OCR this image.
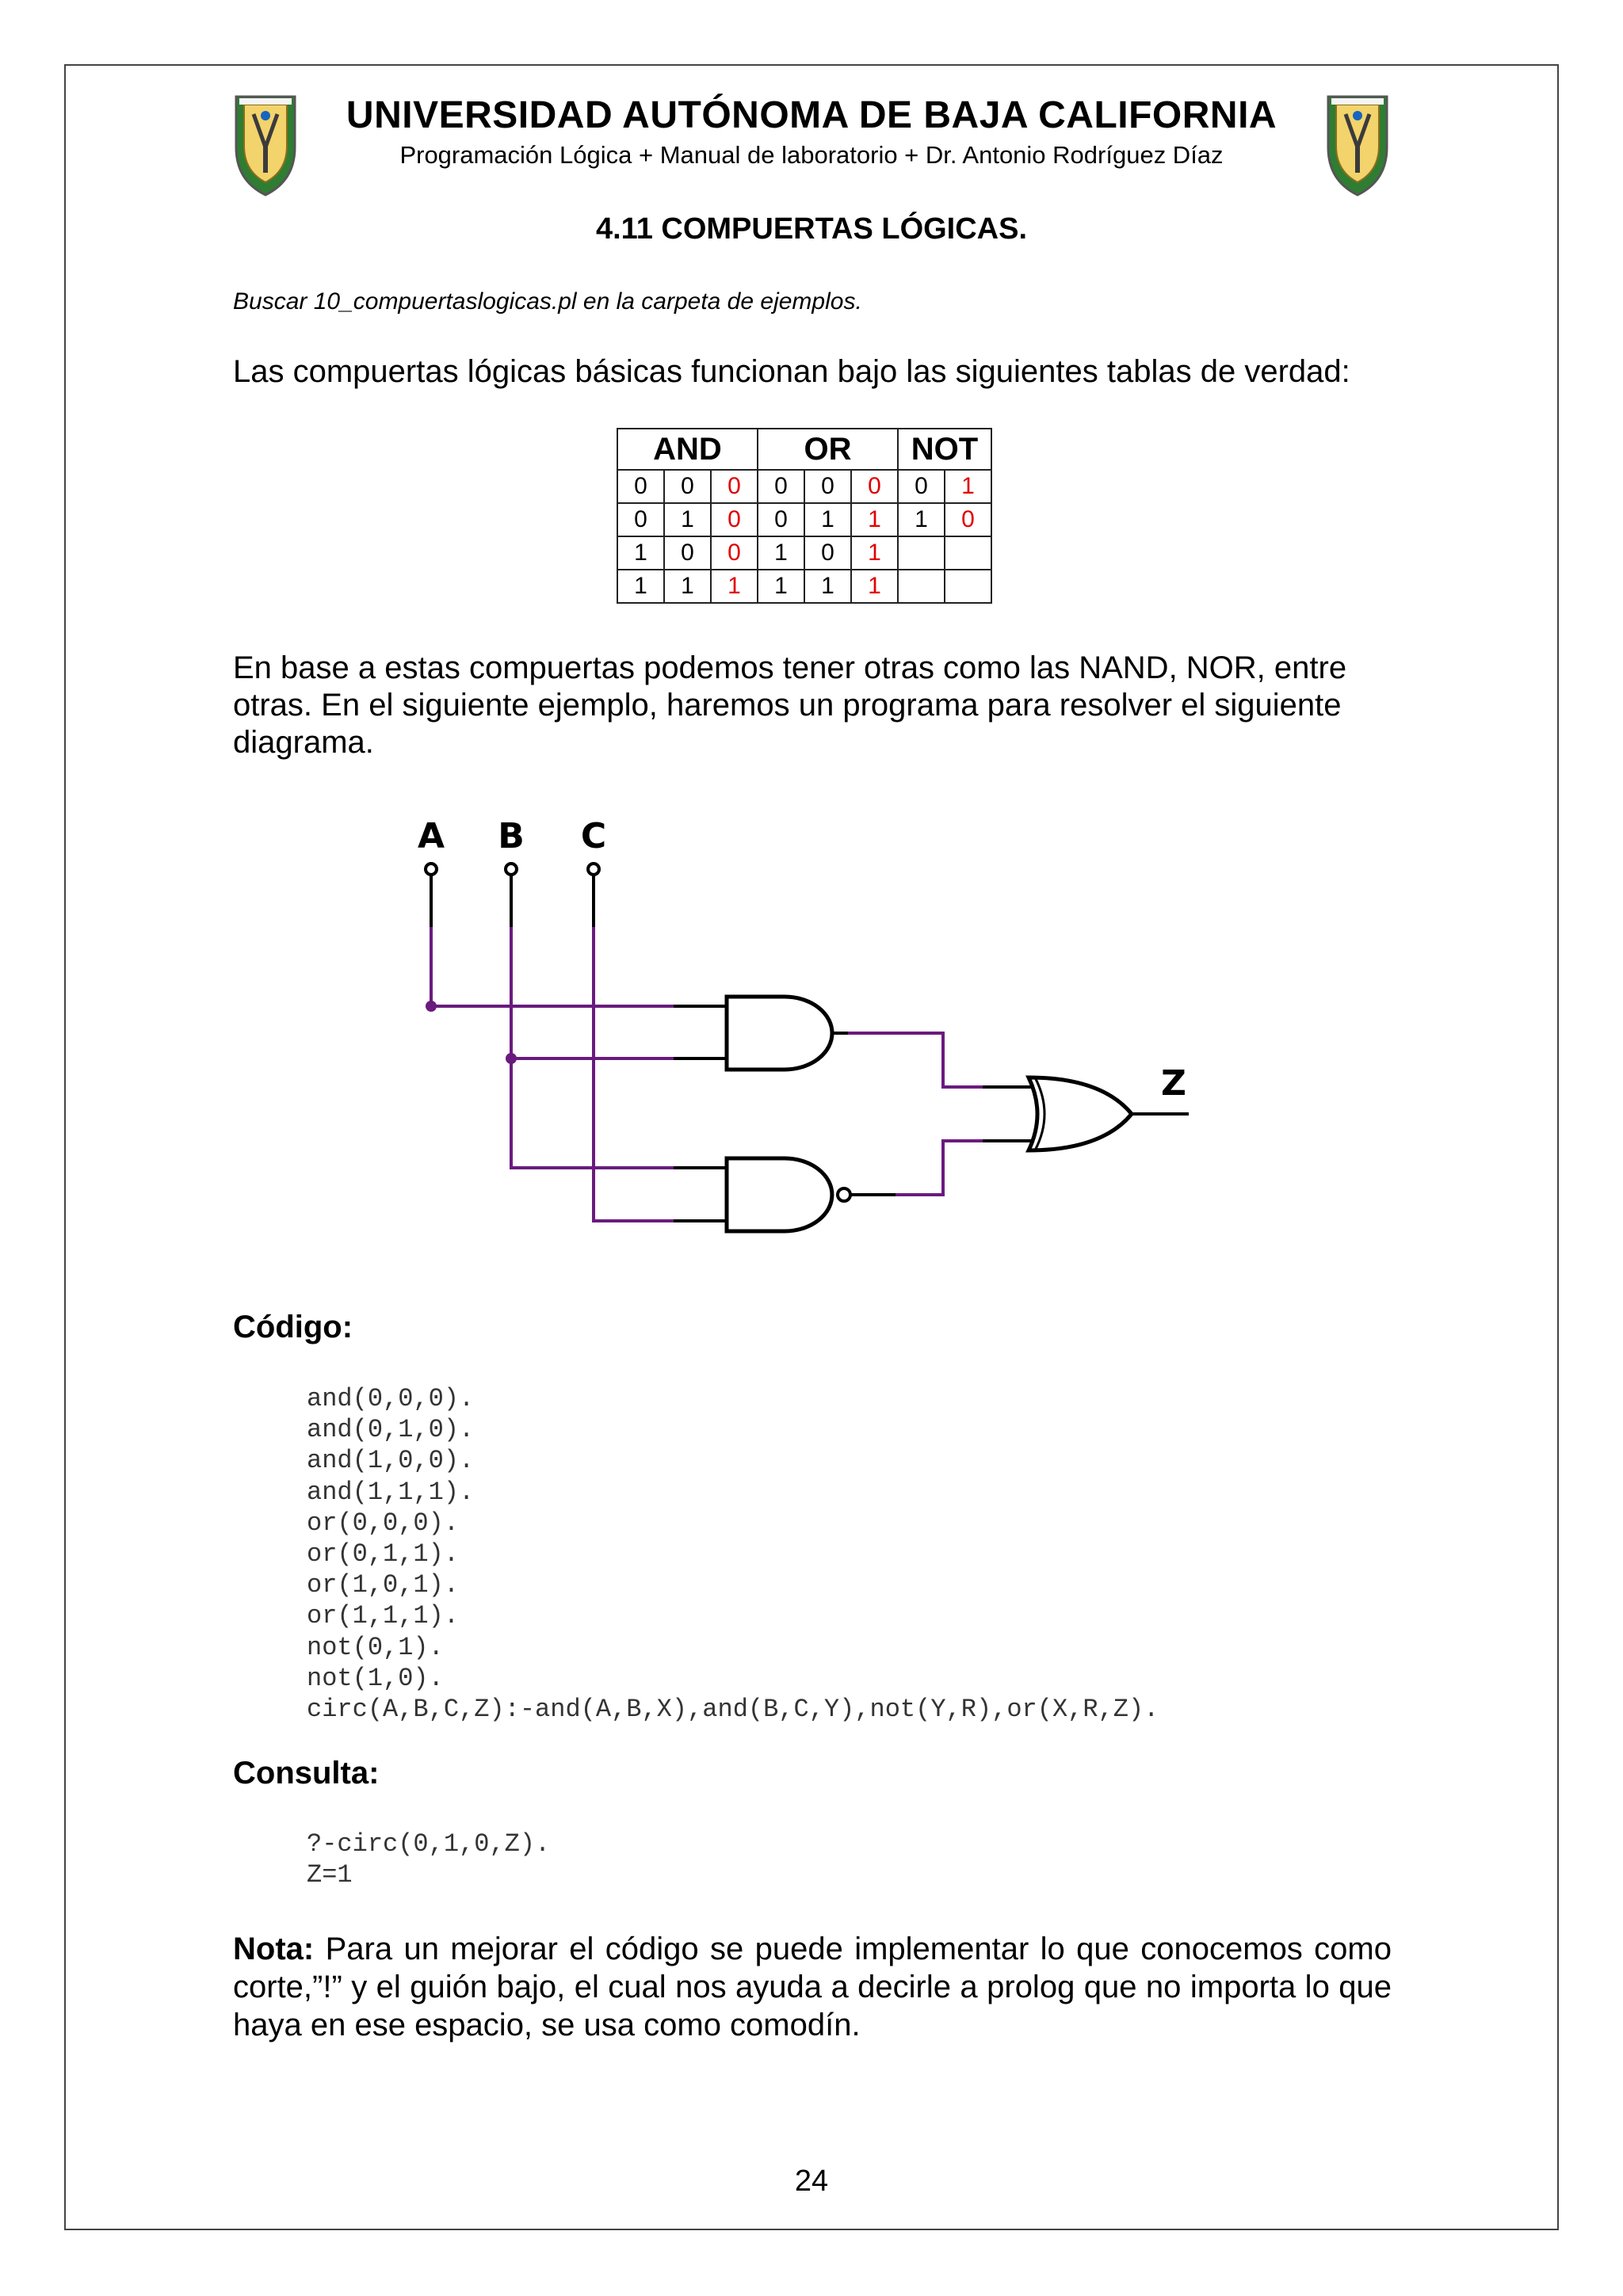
UNIVERSIDAD AUTÓNOMA DE BAJA CALIFORNIA
Programación Lógica + Manual de laboratorio + Dr. Antonio Rodríguez Díaz
4.11 COMPUERTAS LÓGICAS.
Buscar 10_compuertaslogicas.pl en la carpeta de ejemplos.
Las compuertas lógicas básicas funcionan bajo las siguientes tablas de verdad:
AND			OR			NOT	
0	0	0	0	0	0	0	1
0	1	0	0	1	1	1	0
1	0	0	1	0	1		
1	1	1	1	1	1		
En base a estas compuertas podemos tener otras como las NAND, NOR, entre otras. En el siguiente ejemplo, haremos un programa para resolver el siguiente diagrama.
A B C
Z
Código:
and(0,0,0).
and(0,1,0).
and(1,0,0).
and(1,1,1).
or(0,0,0).
or(0,1,1).
or(1,0,1).
or(1,1,1).
not(0,1).
not(1,0).
circ(A,B,C,Z):-and(A,B,X),and(B,C,Y),not(Y,R),or(X,R,Z).
Consulta:
?-circ(0,1,0,Z).
Z=1
Nota: Para un mejorar el código se puede implementar lo que conocemos como corte,”!” y el guión bajo, el cual nos ayuda a decirle a prolog que no importa lo que haya en ese espacio, se usa como comodín.
24
